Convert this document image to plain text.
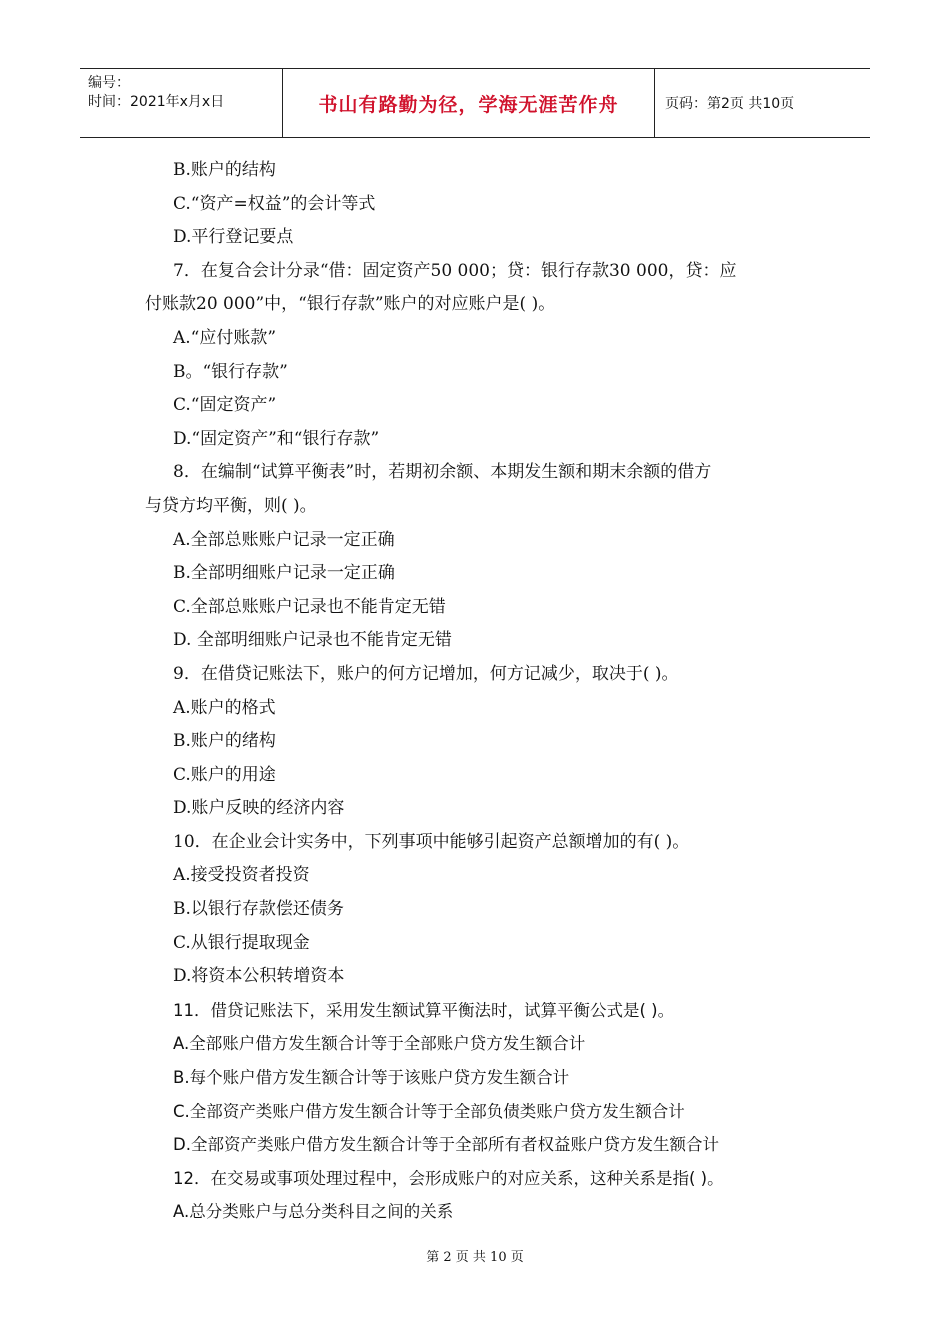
编号：
时间：2021年x月x日	书山有路勤为径，学海无涯苦作舟	页码：第2页 共10页
B.账户的结构
C.“资产=权益”的会计等式
D.平行登记要点
7．在复合会计分录“借：固定资产50 000；贷：银行存款30 000，贷：应
付账款20 000”中，“银行存款”账户的对应账户是( )。
A.“应付账款”
B。“银行存款”
C.“固定资产”
D.“固定资产”和“银行存款”
8．在编制“试算平衡表”时，若期初余额、本期发生额和期末余额的借方
与贷方均平衡，则( )。
A.全部总账账户记录一定正确
B.全部明细账户记录一定正确
C.全部总账账户记录也不能肯定无错
D. 全部明细账户记录也不能肯定无错
9．在借贷记账法下，账户的何方记增加，何方记减少，取决于( )。
A.账户的格式
B.账户的绪构
C.账户的用途
D.账户反映的经济内容
10．在企业会计实务中，下列事项中能够引起资产总额增加的有( )。
A.接受投资者投资
B.以银行存款偿还债务
C.从银行提取现金
D.将资本公积转增资本
11．借贷记账法下，采用发生额试算平衡法时，试算平衡公式是( )。
A.全部账户借方发生额合计等于全部账户贷方发生额合计
B.每个账户借方发生额合计等于该账户贷方发生额合计
C.全部资产类账户借方发生额合计等于全部负债类账户贷方发生额合计
D.全部资产类账户借方发生额合计等于全部所有者权益账户贷方发生额合计
12．在交易或事项处理过程中，会形成账户的对应关系，这种关系是指( )。
A.总分类账户与总分类科目之间的关系
第 2 页 共 10 页
